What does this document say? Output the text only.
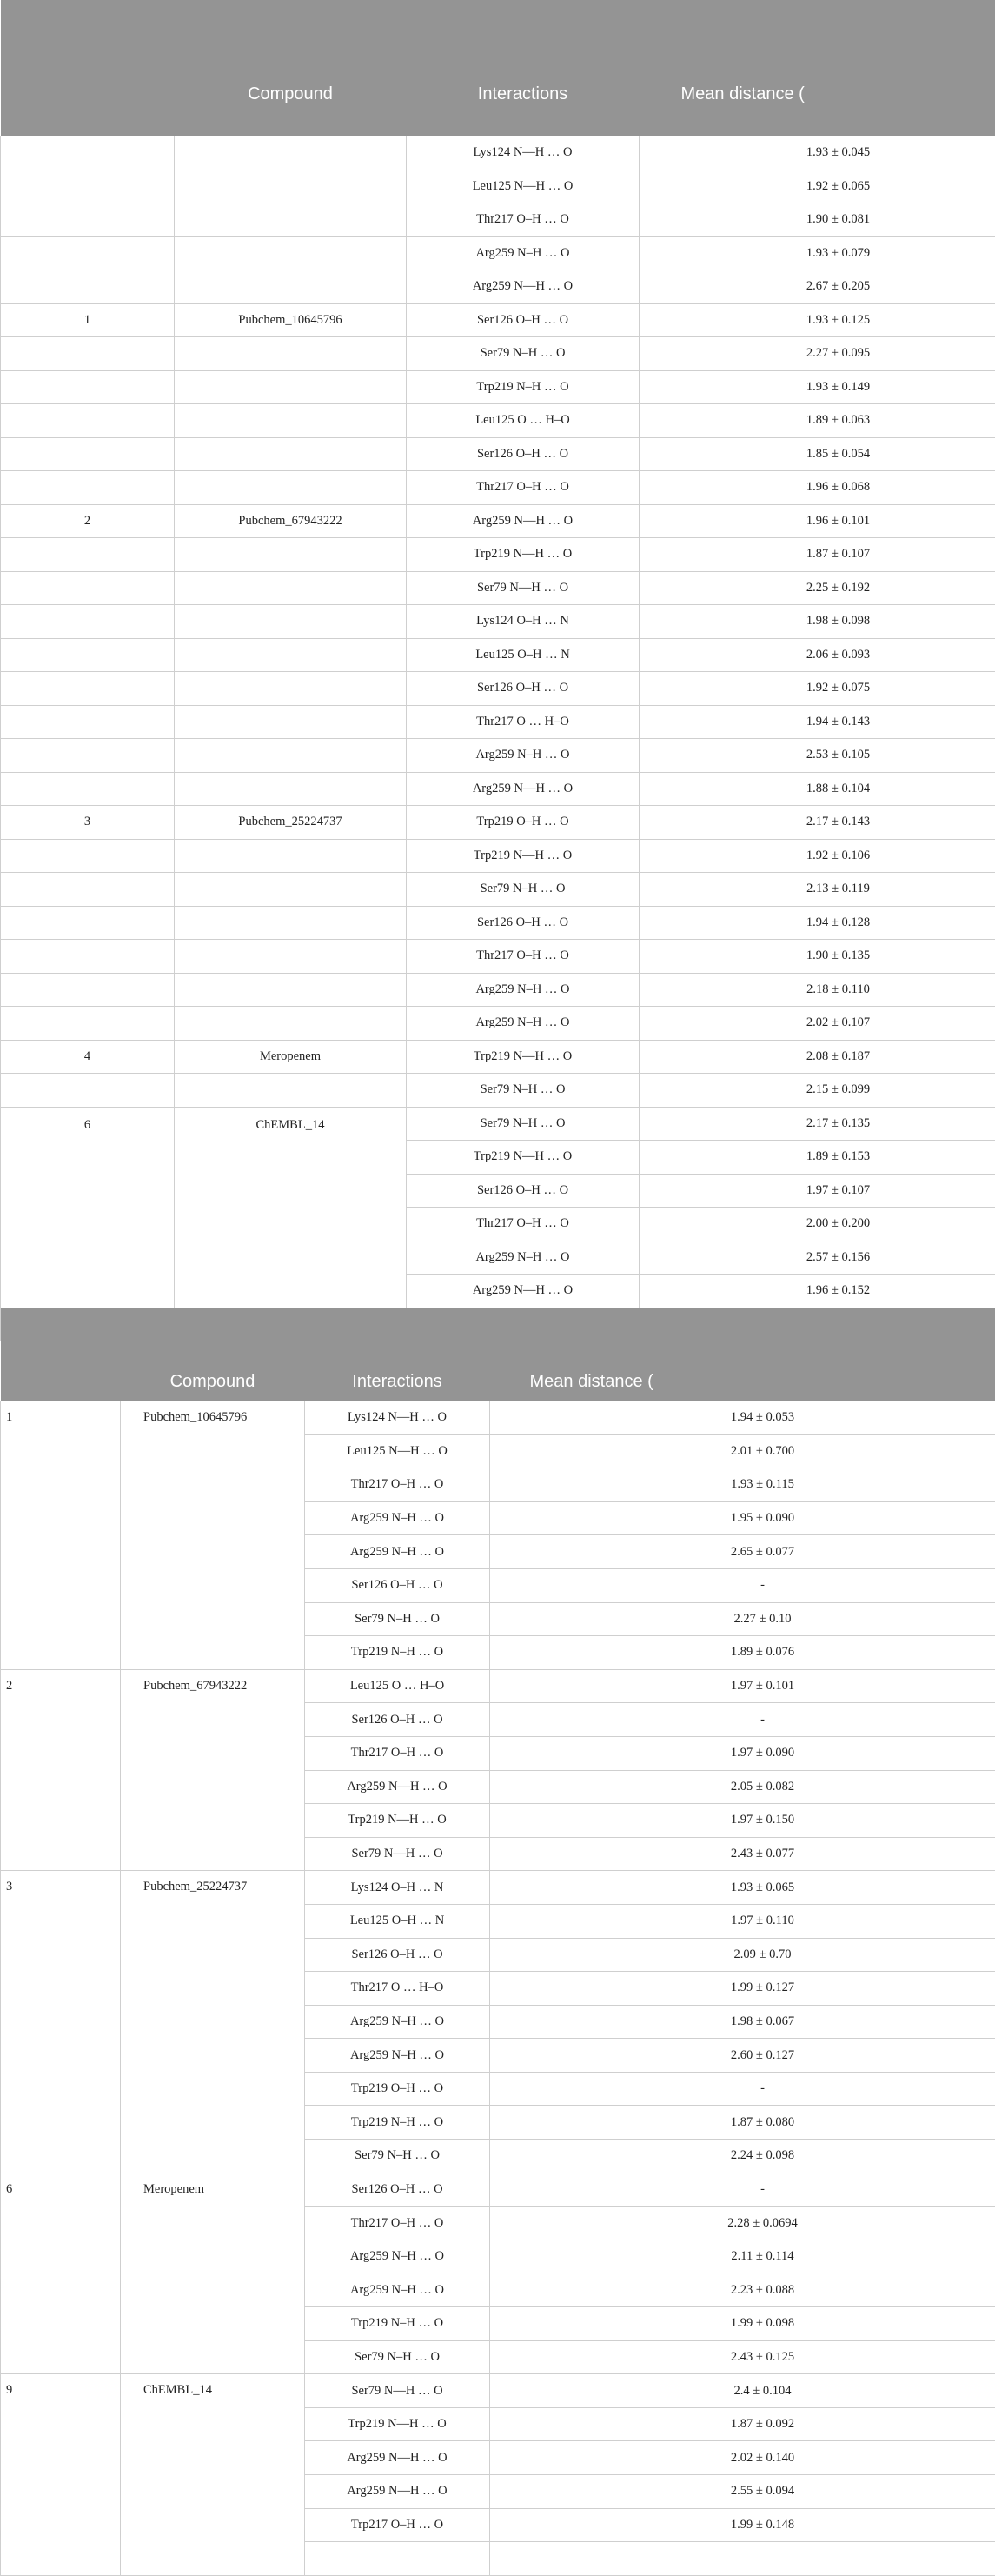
	Compound	Interactions	Mean distance (
		Lys124 N—H … O	1.93 ± 0.045
		Leu125 N—H … O	1.92 ± 0.065
		Thr217 O–H … O	1.90 ± 0.081
		Arg259 N–H … O	1.93 ± 0.079
		Arg259 N—H … O	2.67 ± 0.205
1	Pubchem_10645796	Ser126 O–H … O	1.93 ± 0.125
		Ser79 N–H … O	2.27 ± 0.095
		Trp219 N–H … O	1.93 ± 0.149
		Leu125 O … H–O	1.89 ± 0.063
		Ser126 O–H … O	1.85 ± 0.054
		Thr217 O–H … O	1.96 ± 0.068
2	Pubchem_67943222	Arg259 N—H … O	1.96 ± 0.101
		Trp219 N—H … O	1.87 ± 0.107
		Ser79 N—H … O	2.25 ± 0.192
		Lys124 O–H … N	1.98 ± 0.098
		Leu125 O–H … N	2.06 ± 0.093
		Ser126 O–H … O	1.92 ± 0.075
		Thr217 O … H–O	1.94 ± 0.143
		Arg259 N–H … O	2.53 ± 0.105
		Arg259 N—H … O	1.88 ± 0.104
3	Pubchem_25224737	Trp219 O–H … O	2.17 ± 0.143
		Trp219 N—H … O	1.92 ± 0.106
		Ser79 N–H … O	2.13 ± 0.119
		Ser126 O–H … O	1.94 ± 0.128
		Thr217 O–H … O	1.90 ± 0.135
		Arg259 N–H … O	2.18 ± 0.110
		Arg259 N–H … O	2.02 ± 0.107
4	Meropenem	Trp219 N—H … O	2.08 ± 0.187
		Ser79 N–H … O	2.15 ± 0.099
6	ChEMBL_14	Ser79 N–H … O	2.17 ± 0.135
		Trp219 N—H … O	1.89 ± 0.153
		Ser126 O–H … O	1.97 ± 0.107
		Thr217 O–H … O	2.00 ± 0.200
		Arg259 N–H … O	2.57 ± 0.156
		Arg259 N—H … O	1.96 ± 0.152

	Compound	Interactions	Mean distance (
1	Pubchem_10645796	Lys124 N—H … O	1.94 ± 0.053
		Leu125 N—H … O	2.01 ± 0.700
		Thr217 O–H … O	1.93 ± 0.115
		Arg259 N–H … O	1.95 ± 0.090
		Arg259 N–H … O	2.65 ± 0.077
		Ser126 O–H … O	-
		Ser79 N–H … O	2.27 ± 0.10
		Trp219 N–H … O	1.89 ± 0.076
2	Pubchem_67943222	Leu125 O … H–O	1.97 ± 0.101
		Ser126 O–H … O	-
		Thr217 O–H … O	1.97 ± 0.090
		Arg259 N—H … O	2.05 ± 0.082
		Trp219 N—H … O	1.97 ± 0.150
		Ser79 N—H … O	2.43 ± 0.077
3	Pubchem_25224737	Lys124 O–H … N	1.93 ± 0.065
		Leu125 O–H … N	1.97 ± 0.110
		Ser126 O–H … O	2.09 ± 0.70
		Thr217 O … H–O	1.99 ± 0.127
		Arg259 N–H … O	1.98 ± 0.067
		Arg259 N–H … O	2.60 ± 0.127
		Trp219 O–H … O	-
		Trp219 N–H … O	1.87 ± 0.080
		Ser79 N–H … O	2.24 ± 0.098
6	Meropenem	Ser126 O–H … O	-
		Thr217 O–H … O	2.28 ± 0.0694
		Arg259 N–H … O	2.11 ± 0.114
		Arg259 N–H … O	2.23 ± 0.088
		Trp219 N–H … O	1.99 ± 0.098
		Ser79 N–H … O	2.43 ± 0.125
9	ChEMBL_14	Ser79 N—H … O	2.4 ± 0.104
		Trp219 N—H … O	1.87 ± 0.092
		Arg259 N—H … O	2.02 ± 0.140
		Arg259 N—H … O	2.55 ± 0.094
		Trp217 O–H … O	1.99 ± 0.148
